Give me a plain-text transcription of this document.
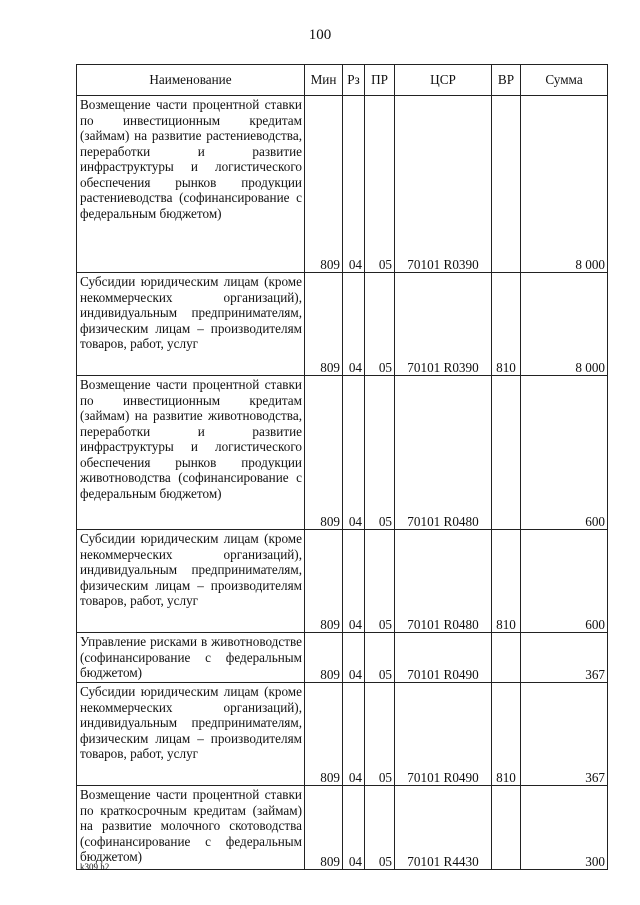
100
Наименование	Мин	Рз	ПР	ЦСР	ВР	Сумма
Возмещение части процентной ставки по инвестиционным кредитам (займам) на развитие растениеводства, переработки и развитие инфраструктуры и логистического обеспечения рынков продукции растениеводства (софинансирование с федеральным бюджетом)	809	04	05	70101 R0390		8 000
Субсидии юридическим лицам (кроме некоммерческих организаций), индивидуальным предпринимателям, физическим лицам – производителям товаров, работ, услуг	809	04	05	70101 R0390	810	8 000
Возмещение части процентной ставки по инвестиционным кредитам (займам) на развитие животноводства, переработки и развитие инфраструктуры и логистического обеспечения рынков продукции животноводства (софинансирование с федеральным бюджетом)	809	04	05	70101 R0480		600
Субсидии юридическим лицам (кроме некоммерческих организаций), индивидуальным предпринимателям, физическим лицам – производителям товаров, работ, услуг	809	04	05	70101 R0480	810	600
Управление рисками в животноводстве (софинансирование с федеральным бюджетом)	809	04	05	70101 R0490		367
Субсидии юридическим лицам (кроме некоммерческих организаций), индивидуальным предпринимателям, физическим лицам – производителям товаров, работ, услуг	809	04	05	70101 R0490	810	367
Возмещение части процентной ставки по краткосрочным кредитам (займам) на развитие молочного скотоводства (софинансирование с федеральным бюджетом)	809	04	05	70101 R4430		300
k309 h2
